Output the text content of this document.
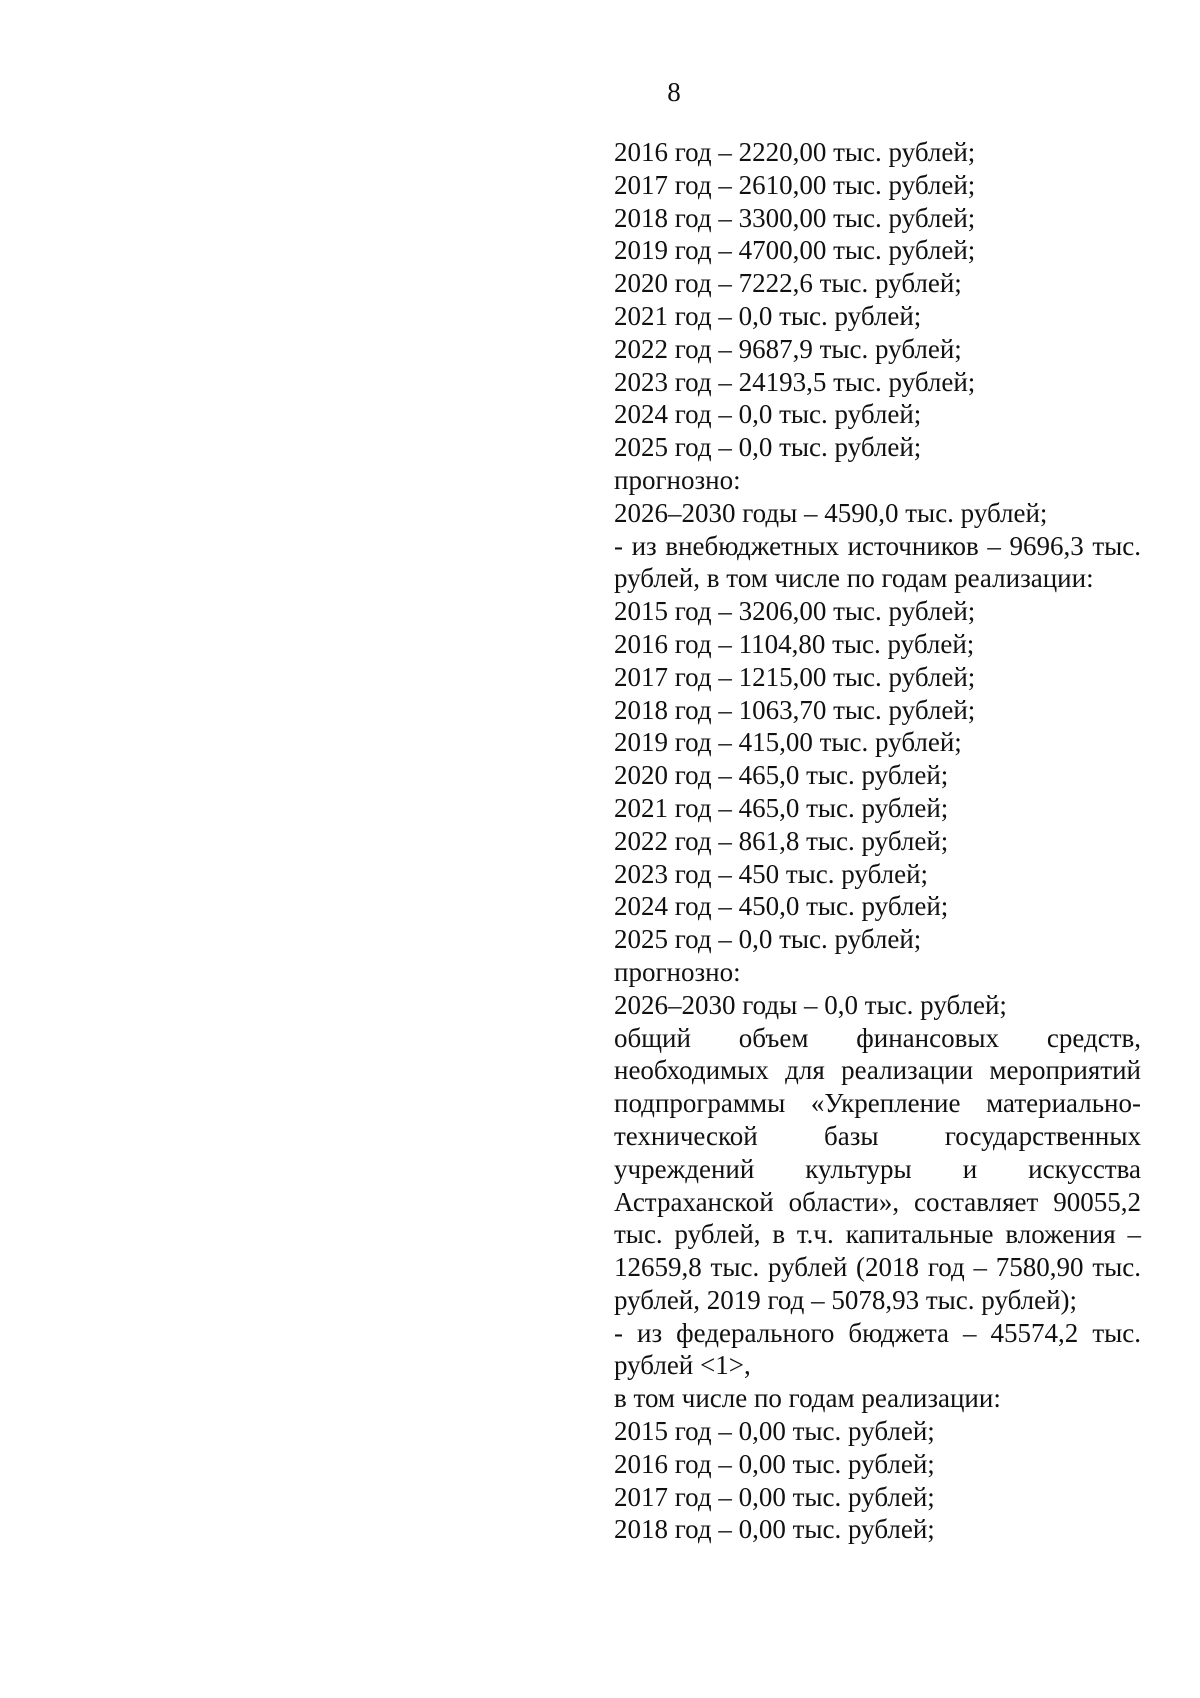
8
2016 год – 2220,00 тыс. рублей;
2017 год – 2610,00 тыс. рублей;
2018 год – 3300,00 тыс. рублей;
2019 год – 4700,00 тыс. рублей;
2020 год – 7222,6 тыс. рублей;
2021 год – 0,0 тыс. рублей;
2022 год – 9687,9 тыс. рублей;
2023 год – 24193,5 тыс. рублей;
2024 год – 0,0 тыс. рублей;
2025 год – 0,0 тыс. рублей;
прогнозно:
2026–2030 годы – 4590,0 тыс. рублей;
- из внебюджетных источников – 9696,3 тыс. рублей, в том числе по годам реализации:
2015 год – 3206,00 тыс. рублей;
2016 год – 1104,80 тыс. рублей;
2017 год – 1215,00 тыс. рублей;
2018 год – 1063,70 тыс. рублей;
2019 год – 415,00 тыс. рублей;
2020 год – 465,0 тыс. рублей;
2021 год – 465,0 тыс. рублей;
2022 год – 861,8 тыс. рублей;
2023 год – 450 тыс. рублей;
2024 год – 450,0 тыс. рублей;
2025 год – 0,0 тыс. рублей;
прогнозно:
2026–2030 годы – 0,0 тыс. рублей;
общий объем финансовых средств, необходимых для реализации мероприятий подпрограммы «Укрепление материально-технической базы государственных учреждений культуры и искусства Астраханской области», составляет 90055,2 тыс. рублей, в т.ч. капитальные вложения – 12659,8 тыс. рублей (2018 год – 7580,90 тыс. рублей, 2019 год – 5078,93 тыс. рублей);
- из федерального бюджета – 45574,2 тыс. рублей <1>,
в том числе по годам реализации:
2015 год – 0,00 тыс. рублей;
2016 год – 0,00 тыс. рублей;
2017 год – 0,00 тыс. рублей;
2018 год – 0,00 тыс. рублей;
